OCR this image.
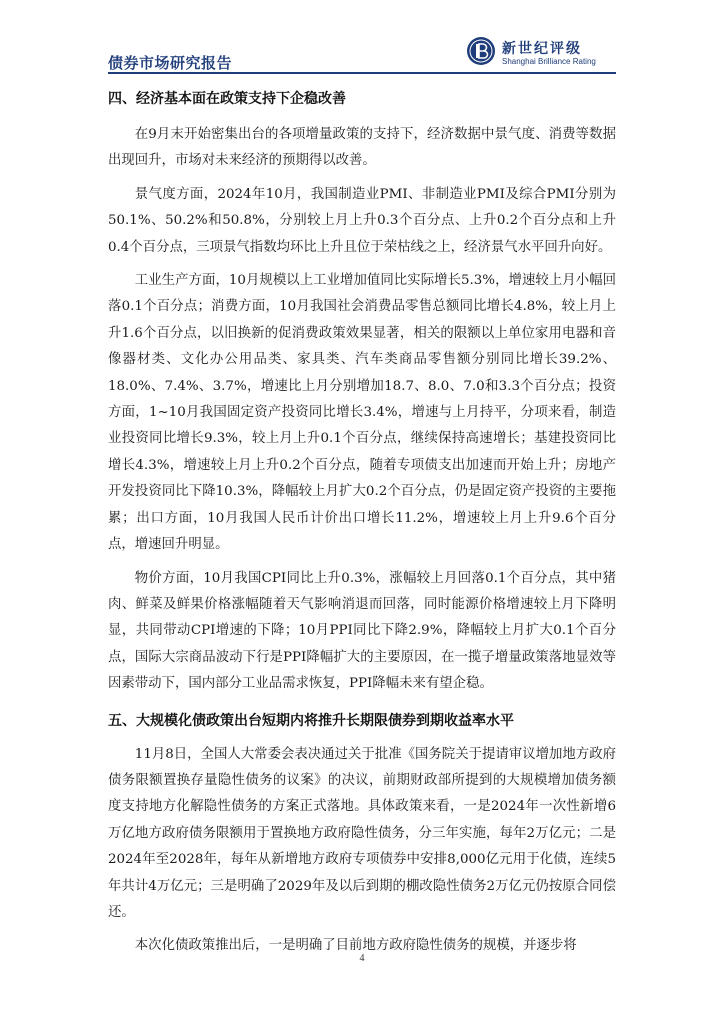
债券市场研究报告
新世纪评级
Shanghai Brilliance Rating
四、经济基本面在政策支持下企稳改善

在9月末开始密集出台的各项增量政策的支持下，经济数据中景气度、消费等数据出现回升，市场对未来经济的预期得以改善。

景气度方面，2024年10月，我国制造业PMI、非制造业PMI及综合PMI分别为50.1%、50.2%和50.8%，分别较上月上升0.3个百分点、上升0.2个百分点和上升0.4个百分点，三项景气指数均环比上升且位于荣枯线之上，经济景气水平回升向好。

工业生产方面，10月规模以上工业增加值同比实际增长5.3%，增速较上月小幅回落0.1个百分点；消费方面，10月我国社会消费品零售总额同比增长4.8%，较上月上升1.6个百分点，以旧换新的促消费政策效果显著，相关的限额以上单位家用电器和音像器材类、文化办公用品类、家具类、汽车类商品零售额分别同比增长39.2%、18.0%、7.4%、3.7%，增速比上月分别增加18.7、8.0、7.0和3.3个百分点；投资方面，1~10月我国固定资产投资同比增长3.4%，增速与上月持平，分项来看，制造业投资同比增长9.3%，较上月上升0.1个百分点，继续保持高速增长；基建投资同比增长4.3%，增速较上月上升0.2个百分点，随着专项债支出加速而开始上升；房地产开发投资同比下降10.3%，降幅较上月扩大0.2个百分点，仍是固定资产投资的主要拖累；出口方面，10月我国人民币计价出口增长11.2%，增速较上月上升9.6个百分点，增速回升明显。

物价方面，10月我国CPI同比上升0.3%，涨幅较上月回落0.1个百分点，其中猪肉、鲜菜及鲜果价格涨幅随着天气影响消退而回落，同时能源价格增速较上月下降明显，共同带动CPI增速的下降；10月PPI同比下降2.9%，降幅较上月扩大0.1个百分点，国际大宗商品波动下行是PPI降幅扩大的主要原因，在一揽子增量政策落地显效等因素带动下，国内部分工业品需求恢复，PPI降幅未来有望企稳。

五、大规模化债政策出台短期内将推升长期限债券到期收益率水平

11月8日，全国人大常委会表决通过关于批准《国务院关于提请审议增加地方政府债务限额置换存量隐性债务的议案》的决议，前期财政部所提到的大规模增加债务额度支持地方化解隐性债务的方案正式落地。具体政策来看，一是2024年一次性新增6万亿地方政府债务限额用于置换地方政府隐性债务，分三年实施，每年2万亿元；二是2024年至2028年，每年从新增地方政府专项债券中安排8,000亿元用于化债，连续5年共计4万亿元；三是明确了2029年及以后到期的棚改隐性债务2万亿元仍按原合同偿还。

本次化债政策推出后，一是明确了目前地方政府隐性债务的规模，并逐步将

4
